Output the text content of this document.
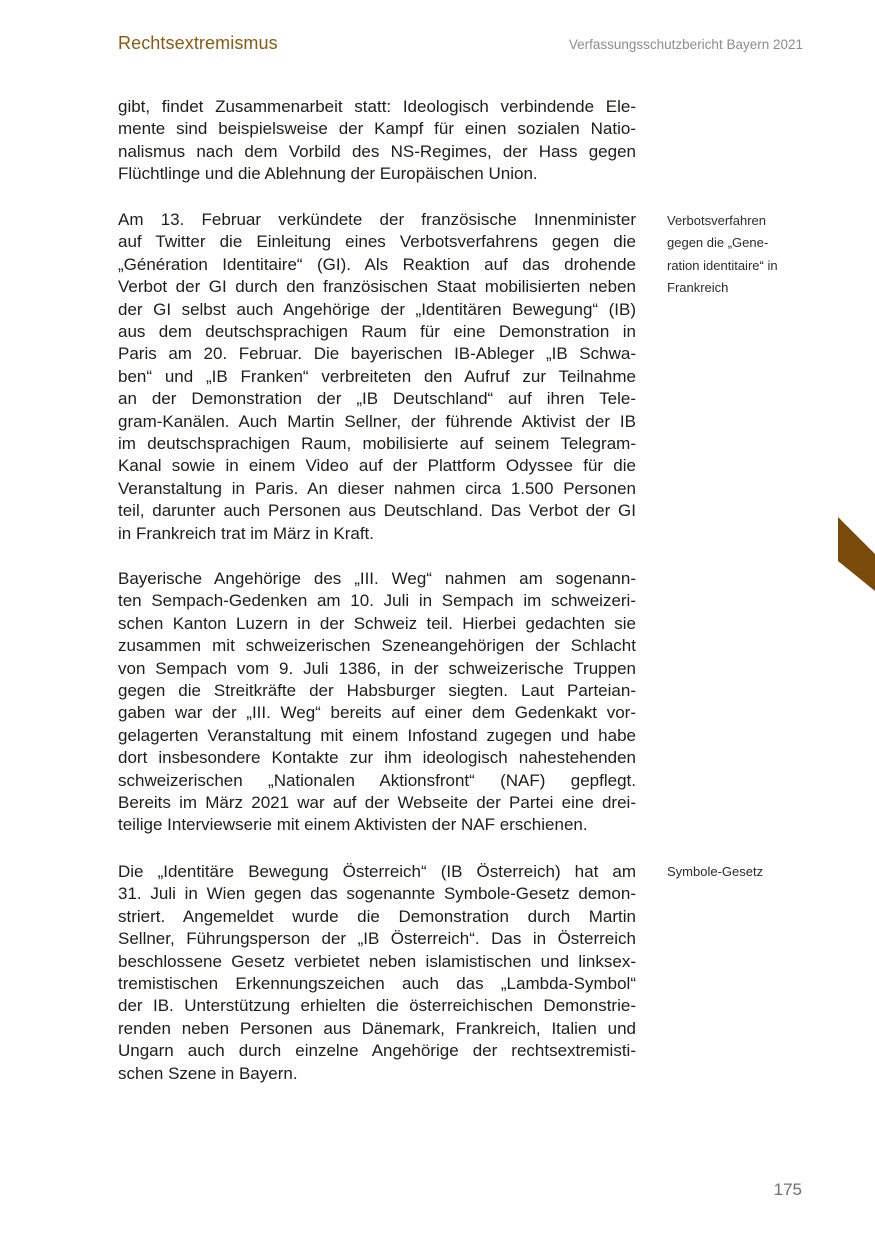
Rechtsextremismus	Verfassungsschutzbericht Bayern 2021

gibt, findet Zusammenarbeit statt: Ideologisch verbindende Ele-
mente sind beispielsweise der Kampf für einen sozialen Natio-
nalismus nach dem Vorbild des NS-Regimes, der Hass gegen
Flüchtlinge und die Ablehnung der Europäischen Union.

Am 13. Februar verkündete der französische Innenminister
auf Twitter die Einleitung eines Verbotsverfahrens gegen die
„Génération Identitaire“ (GI). Als Reaktion auf das drohende
Verbot der GI durch den französischen Staat mobilisierten neben
der GI selbst auch Angehörige der „Identitären Bewegung“ (IB)
aus dem deutschsprachigen Raum für eine Demonstration in
Paris am 20. Februar. Die bayerischen IB-Ableger „IB Schwa-
ben“ und „IB Franken“ verbreiteten den Aufruf zur Teilnahme
an der Demonstration der „IB Deutschland“ auf ihren Tele-
gram-Kanälen. Auch Martin Sellner, der führende Aktivist der IB
im deutschsprachigen Raum, mobilisierte auf seinem Telegram-
Kanal sowie in einem Video auf der Plattform Odyssee für die
Veranstaltung in Paris. An dieser nahmen circa 1.500 Personen
teil, darunter auch Personen aus Deutschland. Das Verbot der GI
in Frankreich trat im März in Kraft.

Bayerische Angehörige des „III. Weg“ nahmen am sogenann-
ten Sempach-Gedenken am 10. Juli in Sempach im schweizeri-
schen Kanton Luzern in der Schweiz teil. Hierbei gedachten sie
zusammen mit schweizerischen Szeneangehörigen der Schlacht
von Sempach vom 9. Juli 1386, in der schweizerische Truppen
gegen die Streitkräfte der Habsburger siegten. Laut Parteian-
gaben war der „III. Weg“ bereits auf einer dem Gedenkakt vor-
gelagerten Veranstaltung mit einem Infostand zugegen und habe
dort insbesondere Kontakte zur ihm ideologisch nahestehenden
schweizerischen „Nationalen Aktionsfront“ (NAF) gepflegt.
Bereits im März 2021 war auf der Webseite der Partei eine drei-
teilige Interviewserie mit einem Aktivisten der NAF erschienen.

Die „Identitäre Bewegung Österreich“ (IB Österreich) hat am
31. Juli in Wien gegen das sogenannte Symbole-Gesetz demon-
striert. Angemeldet wurde die Demonstration durch Martin
Sellner, Führungsperson der „IB Österreich“. Das in Österreich
beschlossene Gesetz verbietet neben islamistischen und linksex-
tremistischen Erkennungszeichen auch das „Lambda-Symbol“
der IB. Unterstützung erhielten die österreichischen Demonstrie-
renden neben Personen aus Dänemark, Frankreich, Italien und
Ungarn auch durch einzelne Angehörige der rechtsextremisti-
schen Szene in Bayern.

Verbotsverfahren
gegen die „Gene-
ration identitaire“ in
Frankreich
Symbole-Gesetz
175
